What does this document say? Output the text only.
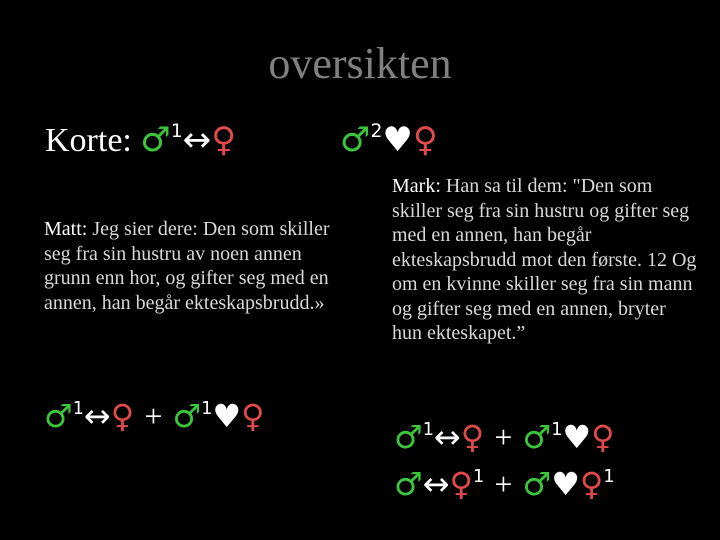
oversikten
Korte: ♂$^1$↔♀	♂$^2$♥♀
Matt: Jeg sier dere: Den som skiller seg fra sin hustru av noen annen grunn enn hor, og gifter seg med en annen, han begår ekteskapsbrudd.»
Mark: Han sa til dem: "Den som skiller seg fra sin hustru og gifter seg med en annen, han begår ekteskapsbrudd mot den første. 12 Og om en kvinne skiller seg fra sin mann og gifter seg med en annen, bryter hun ekteskapet.”
♂$^1$↔♀ + ♂$^1$♥♀
♂$^1$↔♀ + ♂$^1$♥♀
♂↔♀$^1$ + ♂♥♀$^1$
